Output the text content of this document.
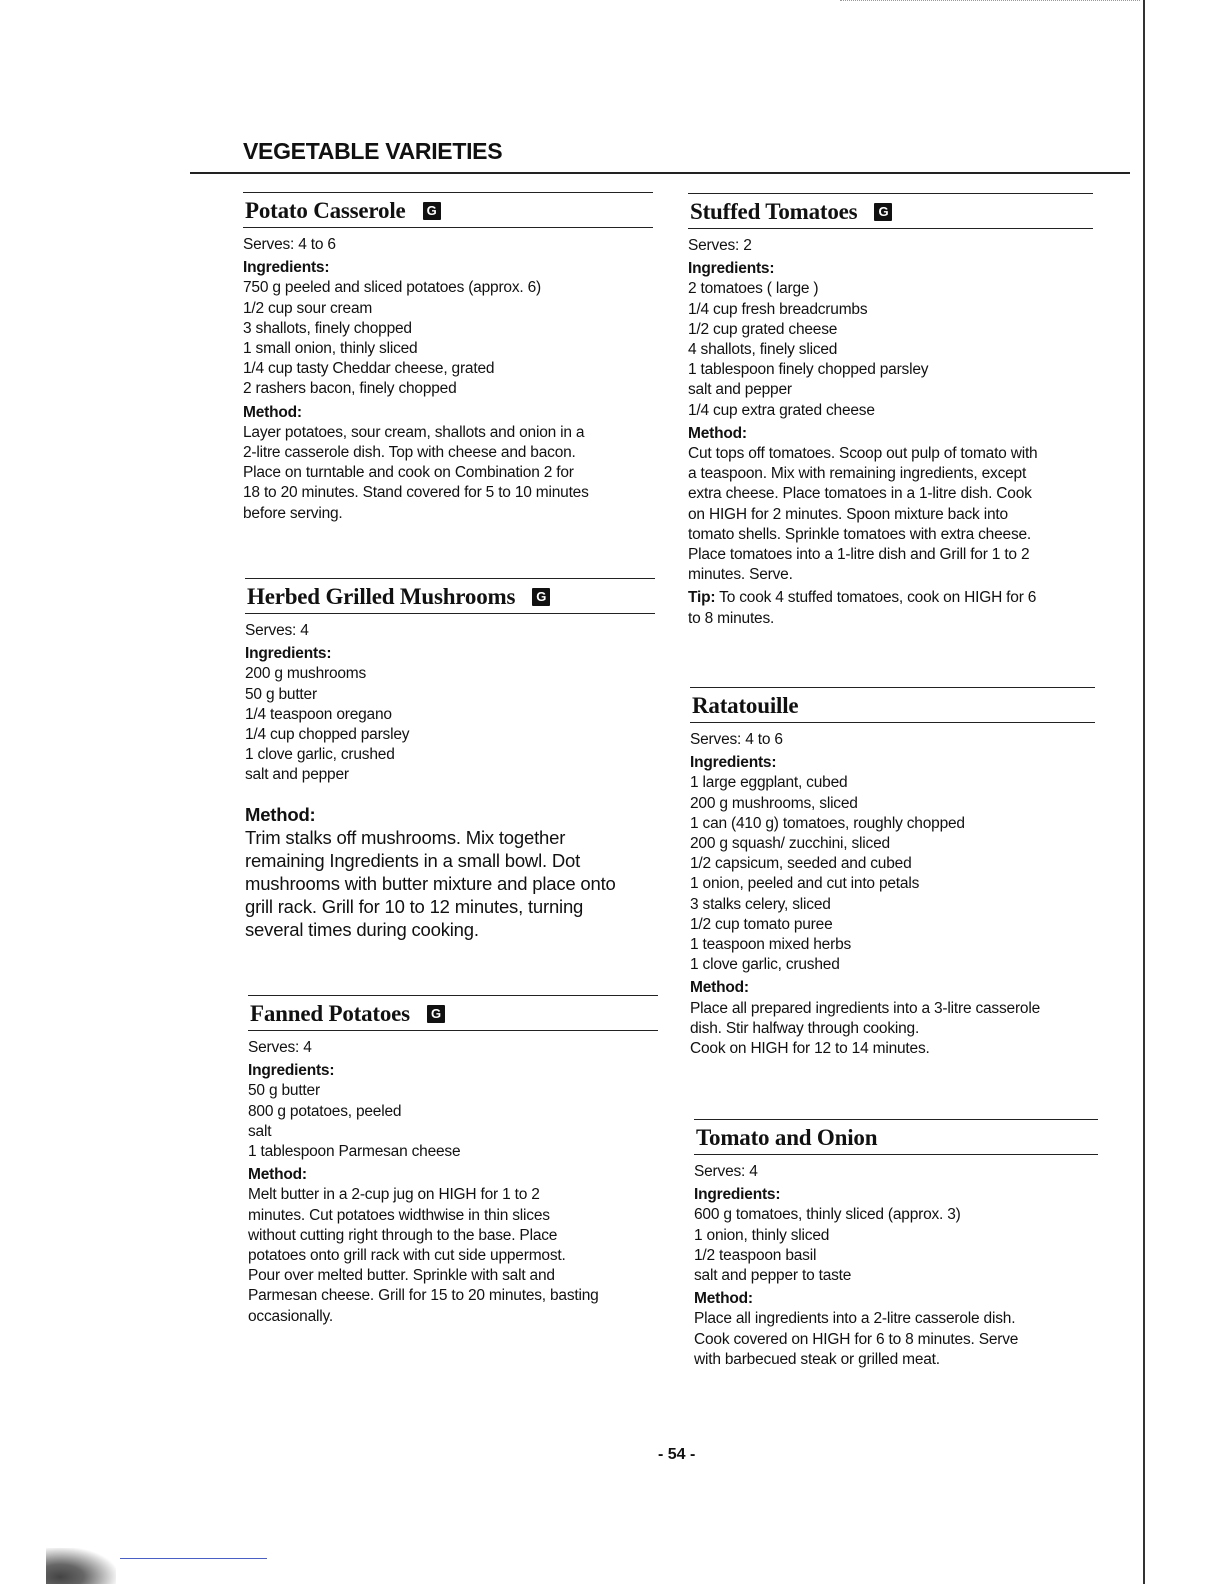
VEGETABLE VARIETIES
Potato Casserole	G
Serves: 4 to 6
Ingredients:
750 g peeled and sliced potatoes (approx. 6)
1/2 cup sour cream
3 shallots, finely chopped
1 small onion, thinly sliced
1/4 cup tasty Cheddar cheese, grated
2 rashers bacon, finely chopped
Method:
Layer potatoes, sour cream, shallots and onion in a
2-litre casserole dish. Top with cheese and bacon.
Place on turntable and cook on Combination 2 for
18 to 20 minutes. Stand covered for 5 to 10 minutes
before serving.
Herbed Grilled Mushrooms	G
Serves: 4
Ingredients:
200 g mushrooms
50 g butter
1/4 teaspoon oregano
1/4 cup chopped parsley
1 clove garlic, crushed
salt and pepper
Method:
Trim stalks off mushrooms. Mix together
remaining Ingredients in a small bowl. Dot
mushrooms with butter mixture and place onto
grill rack. Grill for 10 to 12 minutes, turning
several times during cooking.
Fanned Potatoes	G
Serves: 4
Ingredients:
50 g butter
800 g potatoes, peeled
salt
1 tablespoon Parmesan cheese
Method:
Melt butter in a 2-cup jug on HIGH for 1 to 2
minutes. Cut potatoes widthwise in thin slices
without cutting right through to the base. Place
potatoes onto grill rack with cut side uppermost.
Pour over melted butter. Sprinkle with salt and
Parmesan cheese. Grill for 15 to 20 minutes, basting
occasionally.
Stuffed Tomatoes	G
Serves: 2
Ingredients:
2 tomatoes ( large )
1/4 cup fresh breadcrumbs
1/2 cup grated cheese
4 shallots, finely sliced
1 tablespoon finely chopped parsley
salt and pepper
1/4 cup extra grated cheese
Method:
Cut tops off tomatoes. Scoop out pulp of tomato with
a teaspoon. Mix with remaining ingredients, except
extra cheese. Place tomatoes in a 1-litre dish. Cook
on HIGH for 2 minutes. Spoon mixture back into
tomato shells. Sprinkle tomatoes with extra cheese.
Place tomatoes into a 1-litre dish and Grill for 1 to 2
minutes. Serve.
Tip: To cook 4 stuffed tomatoes, cook on HIGH for 6
to 8 minutes.
Ratatouille
Serves: 4 to 6
Ingredients:
1 large eggplant, cubed
200 g mushrooms, sliced
1 can (410 g) tomatoes, roughly chopped
200 g squash/ zucchini, sliced
1/2 capsicum, seeded and cubed
1 onion, peeled and cut into petals
3 stalks celery, sliced
1/2 cup tomato puree
1 teaspoon mixed herbs
1 clove garlic, crushed
Method:
Place all prepared ingredients into a 3-litre casserole
dish. Stir halfway through cooking.
Cook on HIGH for 12 to 14 minutes.
Tomato and Onion
Serves: 4
Ingredients:
600 g tomatoes, thinly sliced (approx. 3)
1 onion, thinly sliced
1/2 teaspoon basil
salt and pepper to taste
Method:
Place all ingredients into a 2-litre casserole dish.
Cook covered on HIGH for 6 to 8 minutes. Serve
with barbecued steak or grilled meat.
- 54 -
